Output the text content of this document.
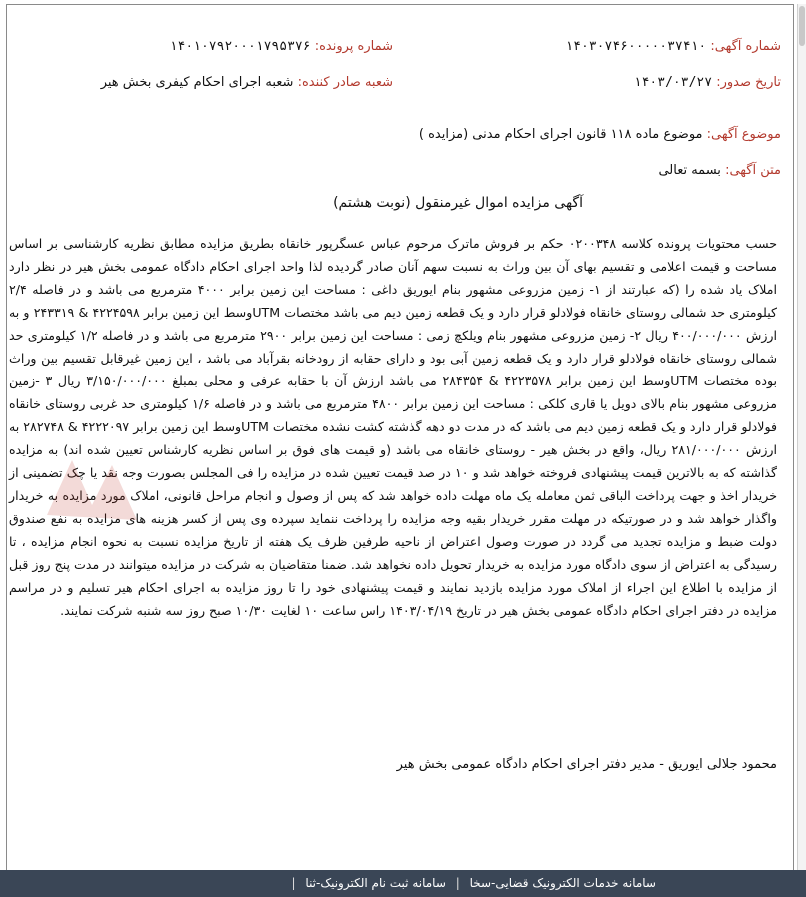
شماره آگهی: ۱۴۰۳۰۷۴۶۰۰۰۰۰۳۷۴۱۰
شماره پرونده: ۱۴۰۱۰۷۹۲۰۰۰۱۷۹۵۳۷۶
تاریخ صدور: ۱۴۰۳/۰۳/۲۷
شعبه صادر کننده: شعبه اجرای احکام کیفری بخش هیر
موضوع آگهی: موضوع ماده ۱۱۸ قانون اجرای احکام مدنی (مزایده )
متن آگهی: بسمه تعالی
آگهی مزایده اموال غیرمنقول (نوبت هشتم)

حسب محتویات پرونده کلاسه ۰۲۰۰۳۴۸ حکم بر فروش ماترک مرحوم عباس عسگرپور خانقاه بطریق مزایده مطابق نظریه کارشناسی بر اساس مساحت و قیمت اعلامی و تقسیم بهای آن بین وراث به نسبت سهم آنان صادر گردیده لذا واحد اجرای احکام دادگاه عمومی بخش هیر در نظر دارد املاک یاد شده را (که عبارتند از ۱- زمین مزروعی مشهور بنام ایوریق داغی : مساحت این زمین برابر ۴۰۰۰ مترمربع می باشد و در فاصله ۲/۴ کیلومتری حد شمالی روستای خانقاه فولادلو قرار دارد و یک قطعه زمین دیم می باشد مختصات UTMوسط این زمین برابر ۴۲۲۴۵۹۸ & ۲۴۳۳۱۹ و به ارزش ۴۰۰/۰۰۰/۰۰۰ ریال ۲- زمین مزروعی مشهور بنام ویلکچ زمی : مساحت این زمین برابر ۲۹۰۰ مترمربع می باشد و در فاصله ۱/۲ کیلومتری حد شمالی روستای خانقاه فولادلو قرار دارد و یک قطعه زمین آبی بود و دارای حقابه از رودخانه بقرآباد می باشد ، این زمین غیرقابل تقسیم بین وراث بوده مختصات UTMوسط این زمین برابر ۴۲۲۳۵۷۸ & ۲۸۴۳۵۴ می باشد ارزش آن با حقابه عرفی و محلی بمبلغ ۳/۱۵۰/۰۰۰/۰۰۰ ریال ۳ -زمین مزروعی مشهور بنام بالای دویل یا قاری کلکی : مساحت این زمین برابر ۴۸۰۰ مترمربع می باشد و در فاصله ۱/۶ کیلومتری حد غربی روستای خانقاه فولادلو قرار دارد و یک قطعه زمین دیم می باشد که در مدت دو دهه گذشته کشت نشده مختصات UTMوسط این زمین برابر ۴۲۲۲۰۹۷ & ۲۸۲۷۴۸ به ارزش ۲۸۱/۰۰۰/۰۰۰ ریال، واقع در بخش هیر - روستای خانقاه می باشد (و قیمت های فوق بر اساس نظریه کارشناس تعیین شده اند) به مزایده گذاشته که به بالاترین قیمت پیشنهادی فروخته خواهد شد و ۱۰ در صد قیمت تعیین شده در مزایده را فی المجلس بصورت وجه نقد یا چک تضمینی از خریدار اخذ و جهت پرداخت الباقی ثمن معامله یک ماه مهلت داده خواهد شد که پس از وصول و انجام مراحل قانونی، املاک مورد مزایده به خریدار واگذار خواهد شد و در صورتیکه در مهلت مقرر خریدار بقیه وجه مزایده را پرداخت ننماید سپرده وی پس از کسر هزینه های مزایده به نفع صندوق دولت ضبط و مزایده تجدید می گردد در صورت وصول اعتراض از ناحیه طرفین ظرف یک هفته از تاریخ مزایده نسبت به نحوه انجام مزایده ، تا رسیدگی به اعتراض از سوی دادگاه مورد مزایده به خریدار تحویل داده نخواهد شد. ضمنا متقاضیان به شرکت در مزایده میتوانند در مدت پنج روز قبل از مزایده با اطلاع این اجراء از املاک مورد مزایده بازدید نمایند و قیمت پیشنهادی خود را تا روز مزایده به اجرای احکام هیر تسلیم و در مراسم مزایده در دفتر اجرای احکام دادگاه عمومی بخش هیر در تاریخ ۱۴۰۳/۰۴/۱۹ راس ساعت ۱۰ لغایت ۱۰/۳۰ صبح روز سه شنبه شرکت نمایند.

محمود جلالی ایوریق - مدیر دفتر اجرای احکام دادگاه عمومی بخش هیر
سامانه خدمات الکترونیک قضایی-سخا | سامانه ثبت نام الکترونیک-ثنا |
